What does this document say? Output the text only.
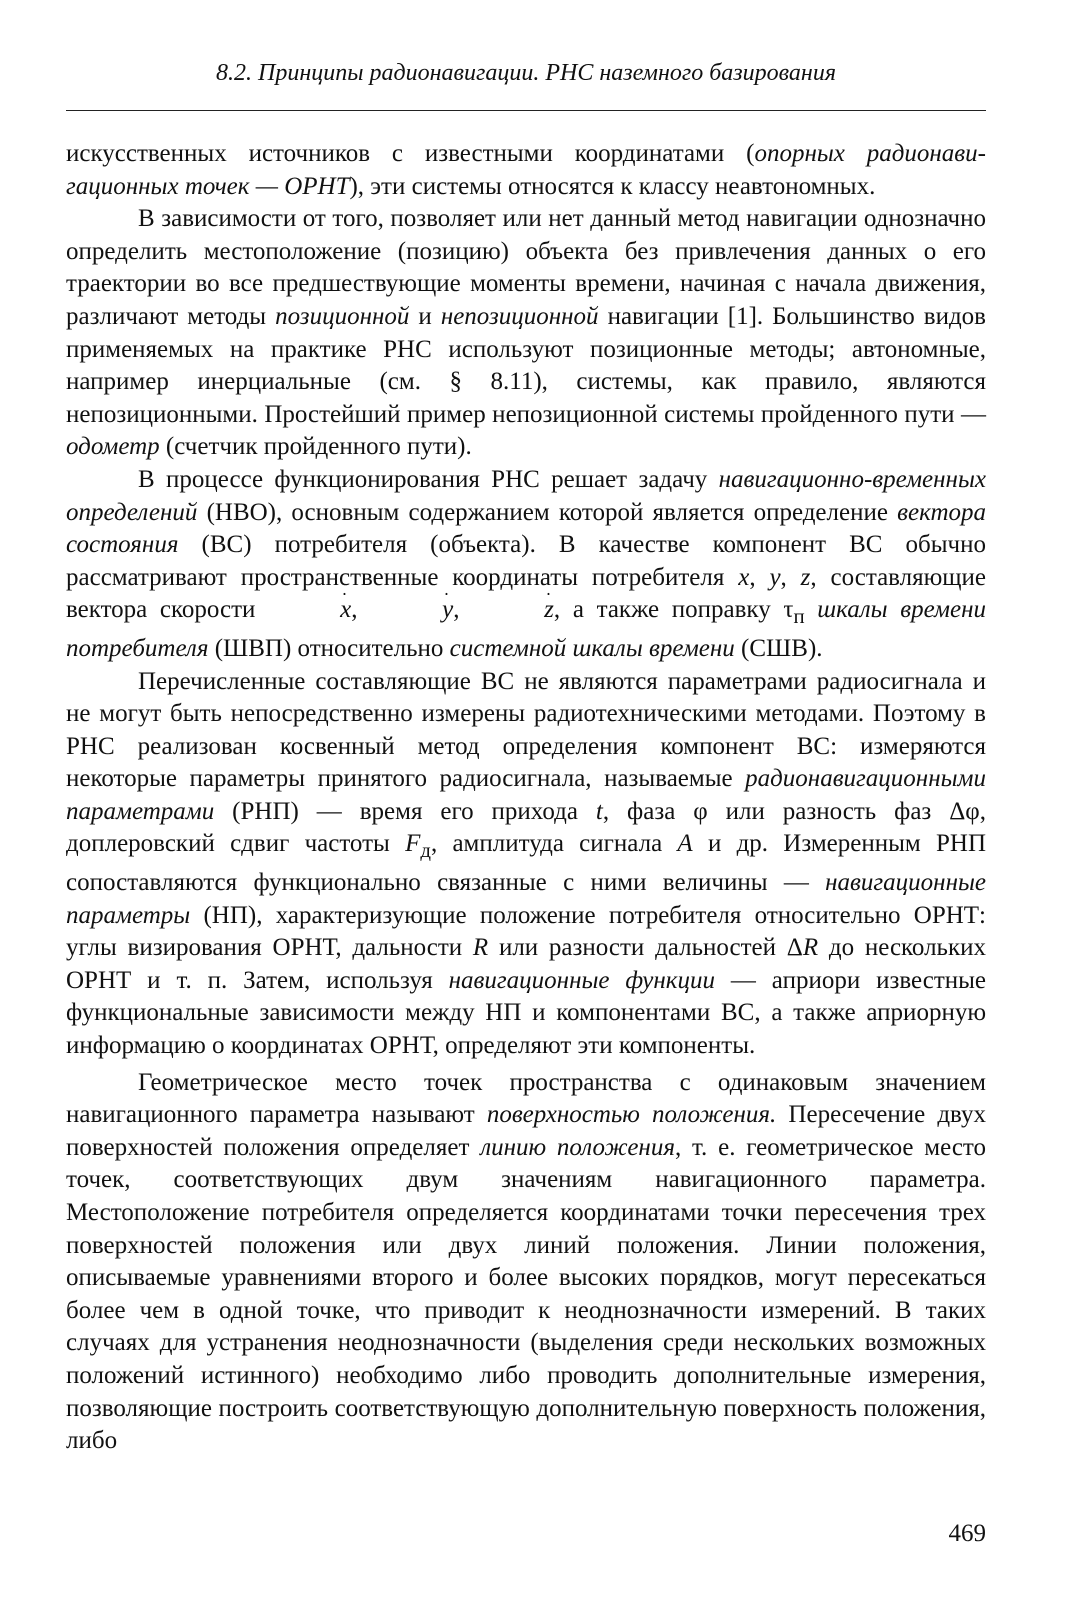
8.2. Принципы радионавигации. РНС наземного базирования

искусственных источников с известными координатами (опорных радионавигационных точек — ОРНТ), эти системы относятся к классу неавтономных.

В зависимости от того, позволяет или нет данный метод навигации однозначно определить местоположение (позицию) объекта без привлечения данных о его траектории во все предшествующие моменты времени, начиная с начала движения, различают методы позиционной и непозиционной навигации [1]. Большинство видов применяемых на практике РНС используют позиционные методы; автономные, например инерциальные (см. § 8.11), системы, как правило, являются непозиционными. Простейший пример непозиционной системы пройденного пути — одометр (счетчик пройденного пути).

В процессе функционирования РНС решает задачу навигационно-временных определений (НВО), основным содержанием которой является определение вектора состояния (ВС) потребителя (объекта). В качестве компонент ВС обычно рассматривают пространственные координаты потребителя x, y, z, составляющие вектора скорости	˙ x,	˙ y,	˙ z, а также поправку $\tau_п$ шкалы времени потребителя (ШВП) относительно системной шкалы времени (СШВ).

Перечисленные составляющие ВС не являются параметрами радиосигнала и не могут быть непосредственно измерены радиотехническими методами. Поэтому в РНС реализован косвенный метод определения компонент ВС: измеряются некоторые параметры принятого радиосигнала, называемые радионавигационными параметрами (РНП) — время его прихода t, фаза φ или разность фаз Δφ, доплеровский сдвиг частоты $F_д$, амплитуда сигнала A и др. Измеренным РНП сопоставляются функционально связанные с ними величины — навигационные параметры (НП), характеризующие положение потребителя относительно ОРНТ: углы визирования ОРНТ, дальности R или разности дальностей ΔR до нескольких ОРНТ и т. п. Затем, используя навигационные функции — априори известные функциональные зависимости между НП и компонентами ВС, а также априорную информацию о координатах ОРНТ, определяют эти компоненты.

Геометрическое место точек пространства с одинаковым значением навигационного параметра называют поверхностью положения. Пересечение двух поверхностей положения определяет линию положения, т. е. геометрическое место точек, соответствующих двум значениям навигационного параметра. Местоположение потребителя определяется координатами точки пересечения трех поверхностей положения или двух линий положения. Линии положения, описываемые уравнениями второго и более высоких порядков, могут пересекаться более чем в одной точке, что приводит к неоднозначности измерений. В таких случаях для устранения неоднозначности (выделения среди нескольких возможных положений истинного) необходимо либо проводить дополнительные измерения, позволяющие построить соответствующую дополнительную поверхность положения, либо

469
